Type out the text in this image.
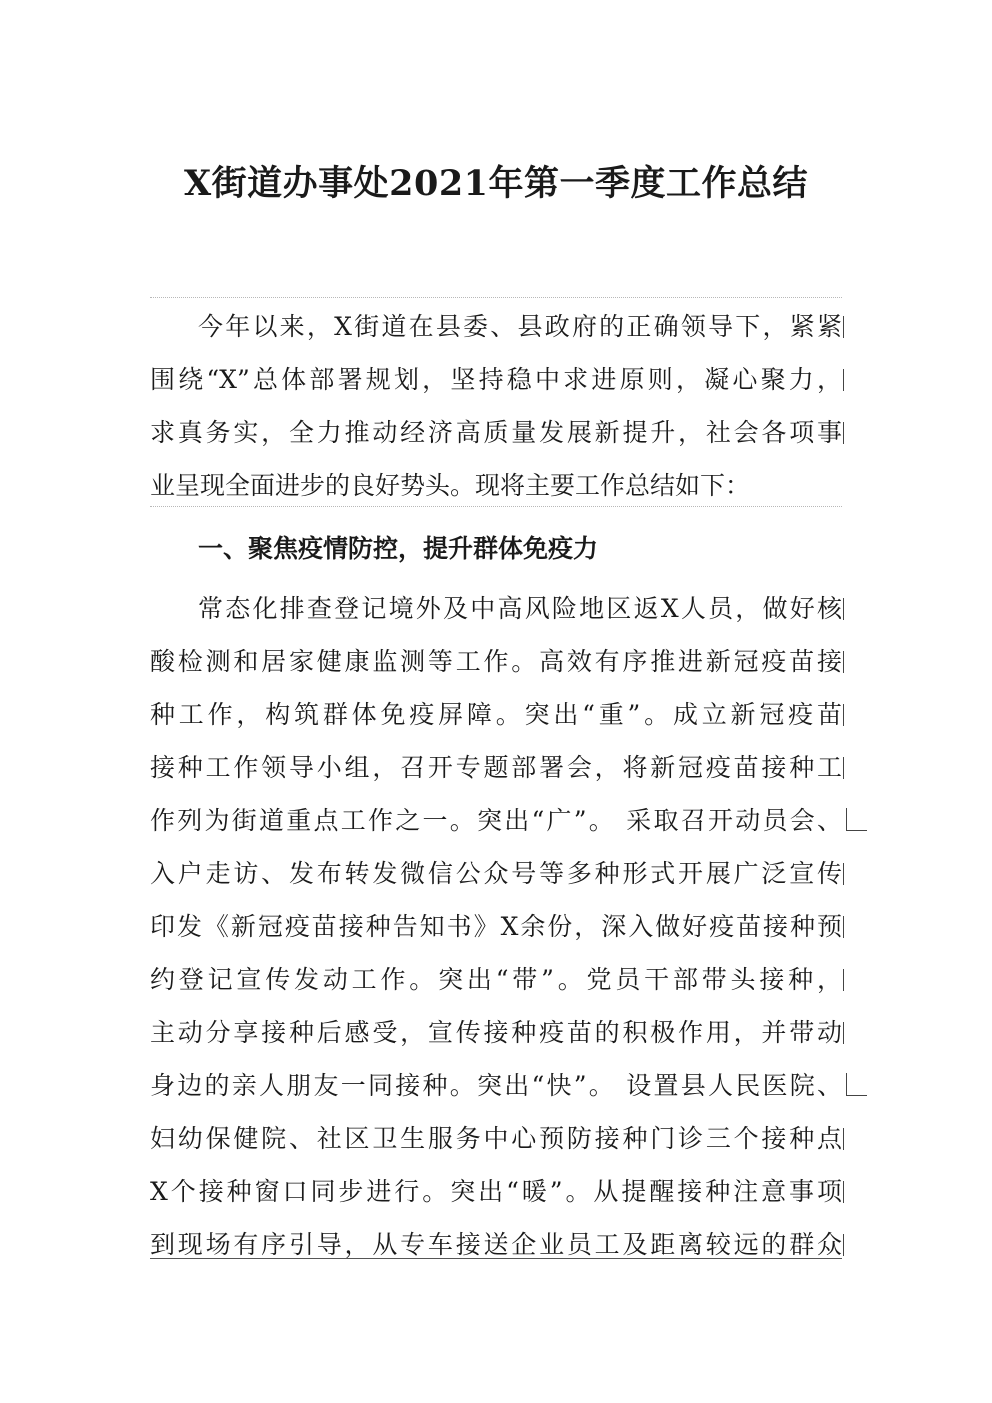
X街道办事处2021年第一季度工作总结
今年以来，X街道在县委、县政府的正确领导下，紧紧
围绕“X”总体部署规划，坚持稳中求进原则，凝心聚力，
求真务实，全力推动经济高质量发展新提升，社会各项事
业呈现全面进步的良好势头。现将主要工作总结如下：
一、聚焦疫情防控，提升群体免疫力
常态化排查登记境外及中高风险地区返X人员，做好核
酸检测和居家健康监测等工作。高效有序推进新冠疫苗接
种工作，构筑群体免疫屏障。突出“重”。成立新冠疫苗
接种工作领导小组，召开专题部署会，将新冠疫苗接种工
作列为街道重点工作之一。突出“广”。 采取召开动员会、
入户走访、发布转发微信公众号等多种形式开展广泛宣传
印发《新冠疫苗接种告知书》X余份，深入做好疫苗接种预
约登记宣传发动工作。突出“带”。党员干部带头接种，
主动分享接种后感受，宣传接种疫苗的积极作用，并带动
身边的亲人朋友一同接种。突出“快”。 设置县人民医院、
妇幼保健院、社区卫生服务中心预防接种门诊三个接种点
X个接种窗口同步进行。突出“暖”。从提醒接种注意事项
到现场有序引导，从专车接送企业员工及距离较远的群众
